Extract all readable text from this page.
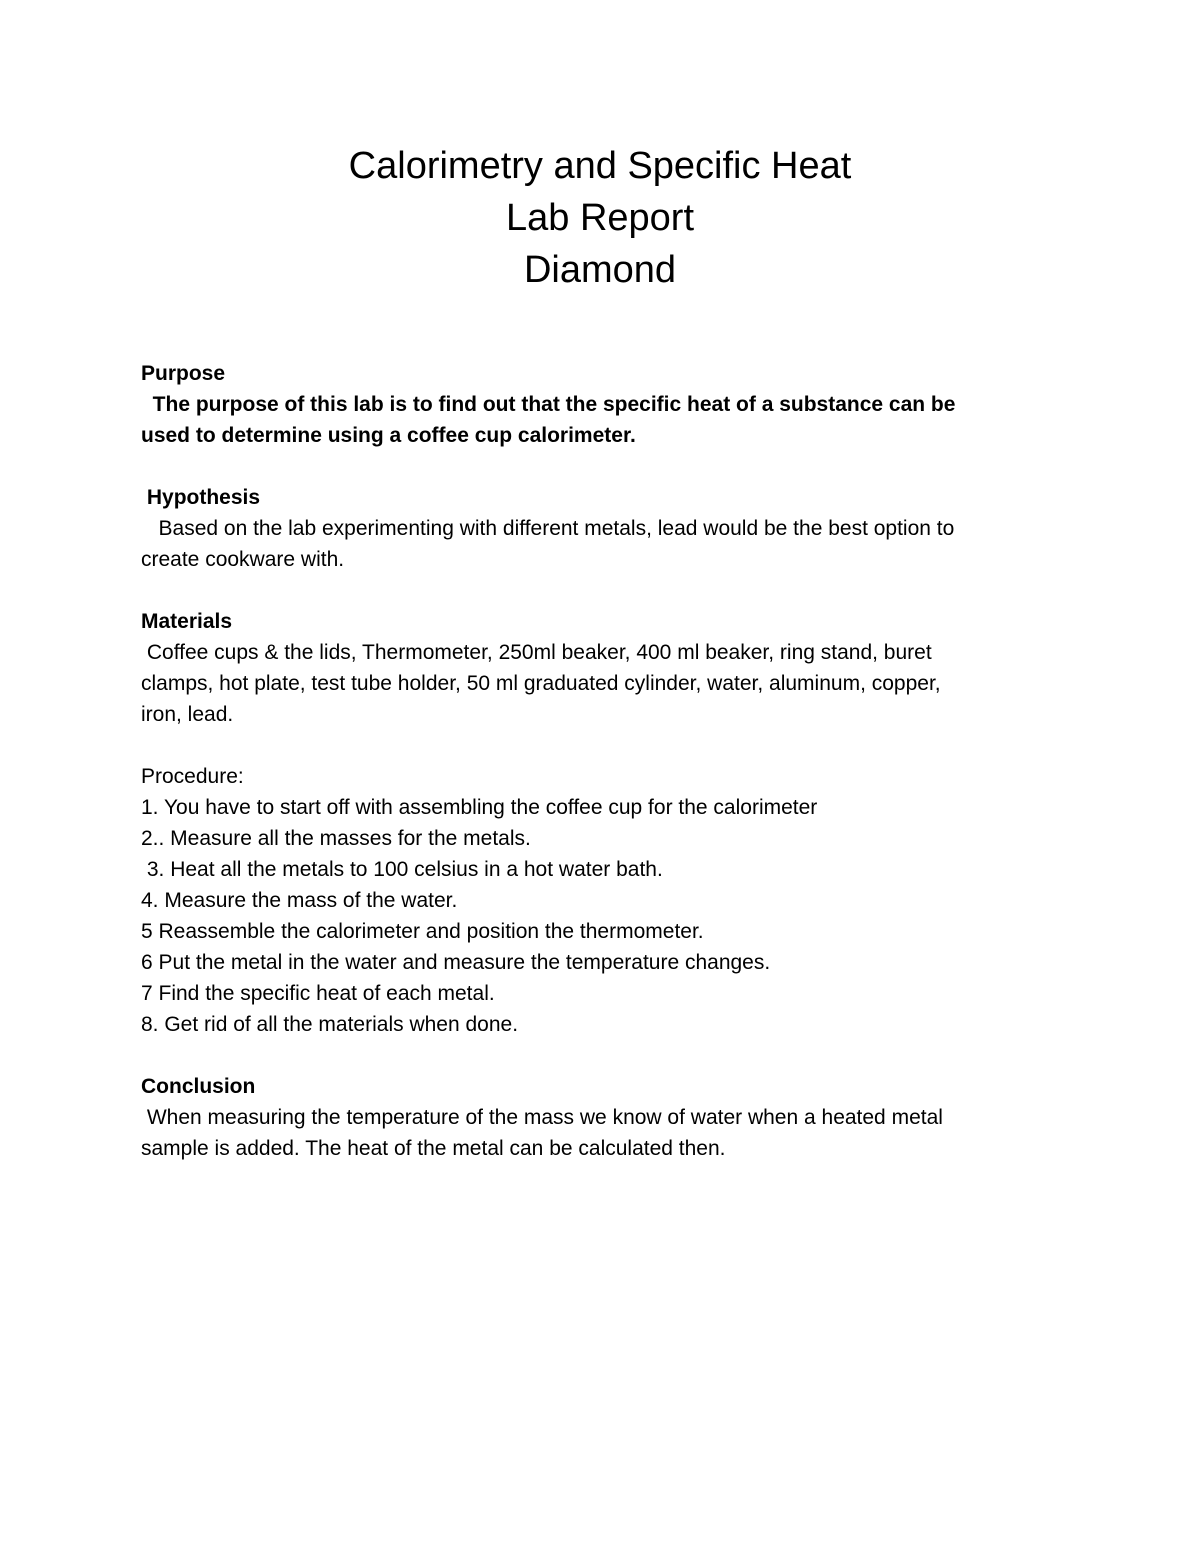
Calorimetry and Specific Heat

Lab Report

Diamond

Purpose

The purpose of this lab is to find out that the specific heat of a substance can be

used to determine using a coffee cup calorimeter.

Hypothesis

Based on the lab experimenting with different metals, lead would be the best option to

create cookware with.

Materials

Coffee cups & the lids, Thermometer, 250ml beaker, 400 ml beaker, ring stand, buret

clamps, hot plate, test tube holder, 50 ml graduated cylinder, water, aluminum, copper,

iron, lead.

Procedure:

1. You have to start off with assembling the coffee cup for the calorimeter

2.. Measure all the masses for the metals.

3. Heat all the metals to 100 celsius in a hot water bath.

4. Measure the mass of the water.

5 Reassemble the calorimeter and position the thermometer.

6 Put the metal in the water and measure the temperature changes.

7 Find the specific heat of each metal.

8. Get rid of all the materials when done.

Conclusion

When measuring the temperature of the mass we know of water when a heated metal

sample is added. The heat of the metal can be calculated then.
